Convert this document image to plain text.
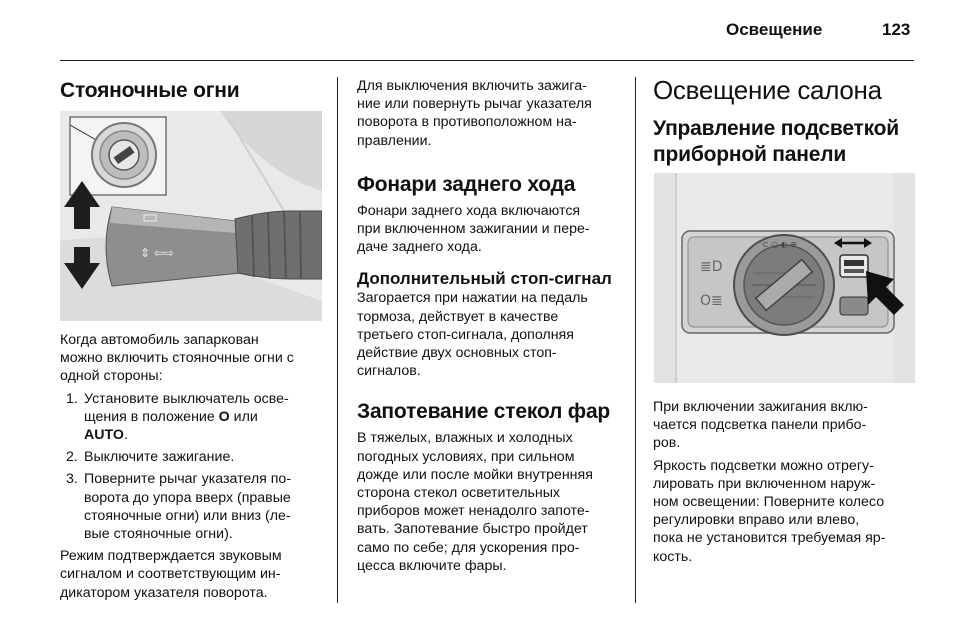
Освещение	123
Стояночные огни
⇕ ⇦⇨

Когда автомобиль запаркован
можно включить стояночные огни с
одной стороны:

1. Установите выключатель осве-
щения в положение O или
AUTO.
2. Выключите зажигание.
3. Поверните рычаг указателя по-
ворота до упора вверх (правые
стояночные огни) или вниз (ле-
вые стояночные огни).

Режим подтверждается звуковым
сигналом и соответствующим ин-
дикатором указателя поворота.

Для выключения включить зажига-
ние или повернуть рычаг указателя
поворота в противоположном на-
правлении.

Фонари заднего хода

Фонари заднего хода включаются
при включенном зажигании и пере-
даче заднего хода.

Дополнительный стоп-сигнал

Загорается при нажатии на педаль
тормоза, действует в качестве
третьего стоп-сигнала, дополняя
действие двух основных стоп-
сигналов.

Запотевание стекол фар

В тяжелых, влажных и холодных
погодных условиях, при сильном
дожде или после мойки внутренняя
сторона стекол осветительных
приборов может ненадолго запоте-
вать. Запотевание быстро пройдет
само по себе; для ускорения про-
цесса включите фары.

Освещение салона
Управление подсветкой
приборной панели
≣D
O≣
⊂ ○ ◐ ⊕

При включении зажигания вклю-
чается подсветка панели прибо-
ров.

Яркость подсветки можно отрегу-
лировать при включенном наруж-
ном освещении: Поверните колесо
регулировки вправо или влево,
пока не установится требуемая яр-
кость.
